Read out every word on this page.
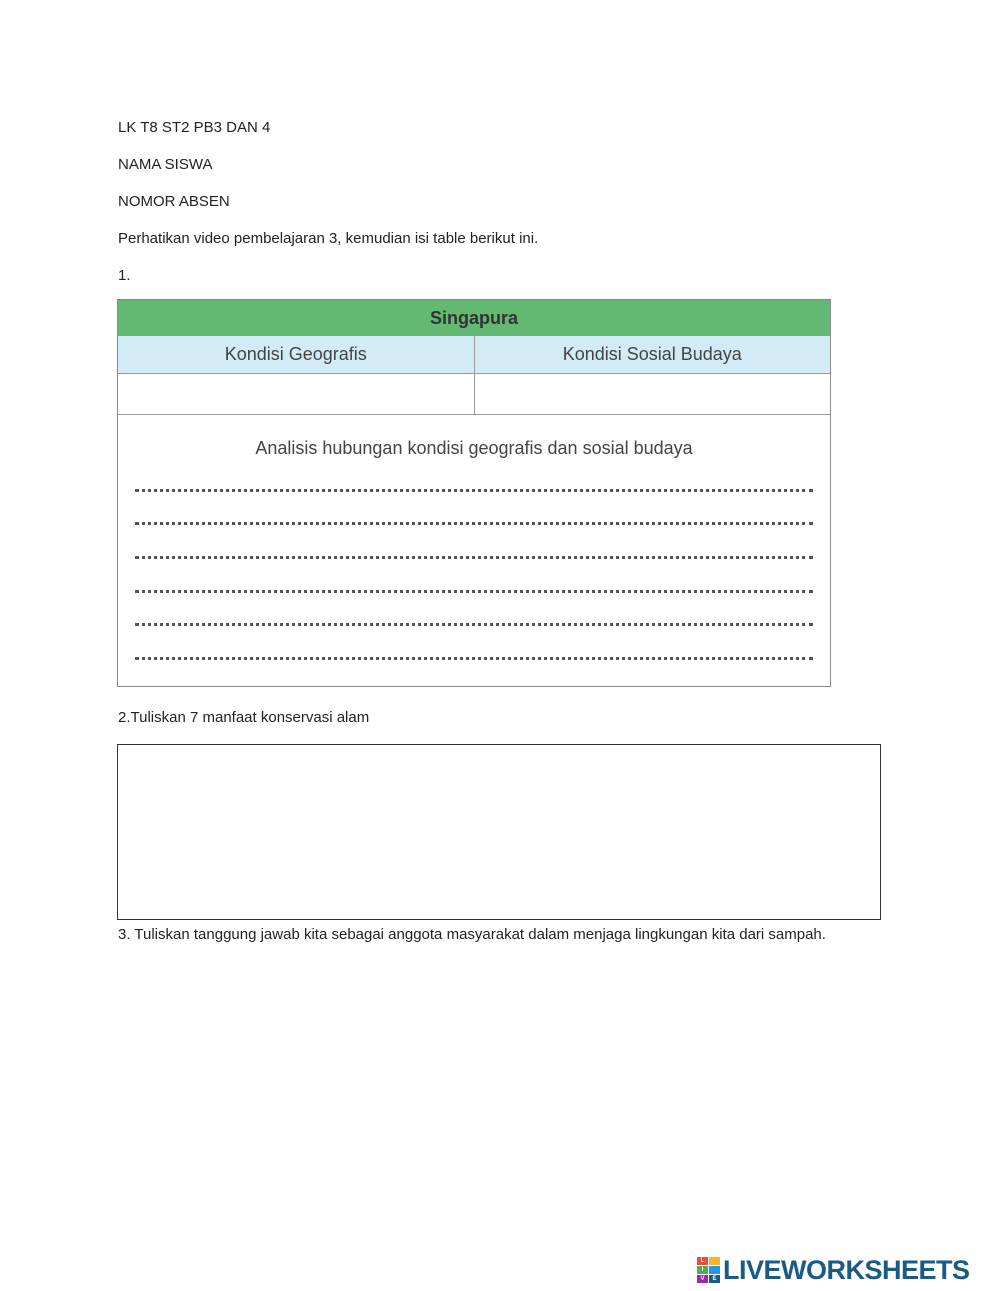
LK T8 ST2 PB3 DAN 4
NAMA SISWA
NOMOR ABSEN
Perhatikan video pembelajaran 3, kemudian isi table berikut ini.
1.
Singapura
Kondisi Geografis	Kondisi Sosial Budaya
Analisis hubungan kondisi geografis dan sosial budaya
2.Tuliskan 7 manfaat konservasi alam
3. Tuliskan tanggung jawab kita sebagai anggota masyarakat dalam menjaga lingkungan kita dari sampah.
L
I
V	E LIVEWORKSHEETS
